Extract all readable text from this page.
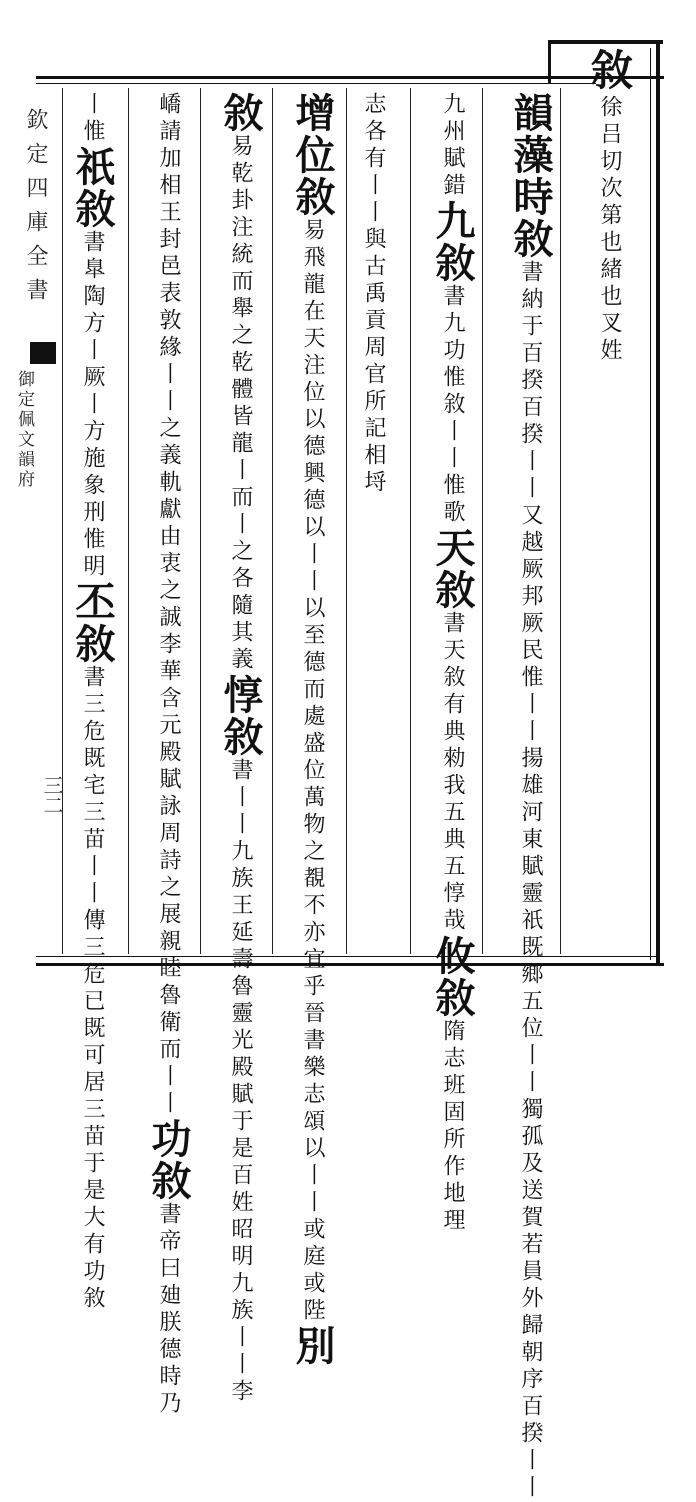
欽定四庫全書
御定佩文韻府
三二
敘徐吕切次第也緒也叉姓
韻藻時敘書納于百揆百揆丨丨又越厥邦厥民惟丨丨揚雄河東賦靈祇既鄉五位丨丨獨孤及送賀若員外歸朝序百揆丨丨
九州賦錯九敘書九功惟敘丨丨惟歌天敘書天敘有典勑我五典五惇哉攸敘隋志班固所作地理
志各有丨丨與古禹貢周官所記相埒
增位敘易飛龍在天注位以德興德以丨丨以至德而處盛位萬物之覩不亦宜乎晉書樂志頌以丨丨或庭或陛別
敘易乾卦注統而舉之乾體皆龍丨而丨之各隨其義惇敘書丨丨九族王延壽魯靈光殿賦于是百姓昭明九族丨丨李
嶠請加相王封邑表敦緣丨丨之義軌獻由衷之誠李華含元殿賦詠周詩之展親睦魯衛而丨丨功敘書帝曰廸朕德時乃
丨惟祇敘書臯陶方丨厥丨方施象刑惟明丕敘書三危既宅三苗丨丨傳三危已既可居三苗于是大有功敘
